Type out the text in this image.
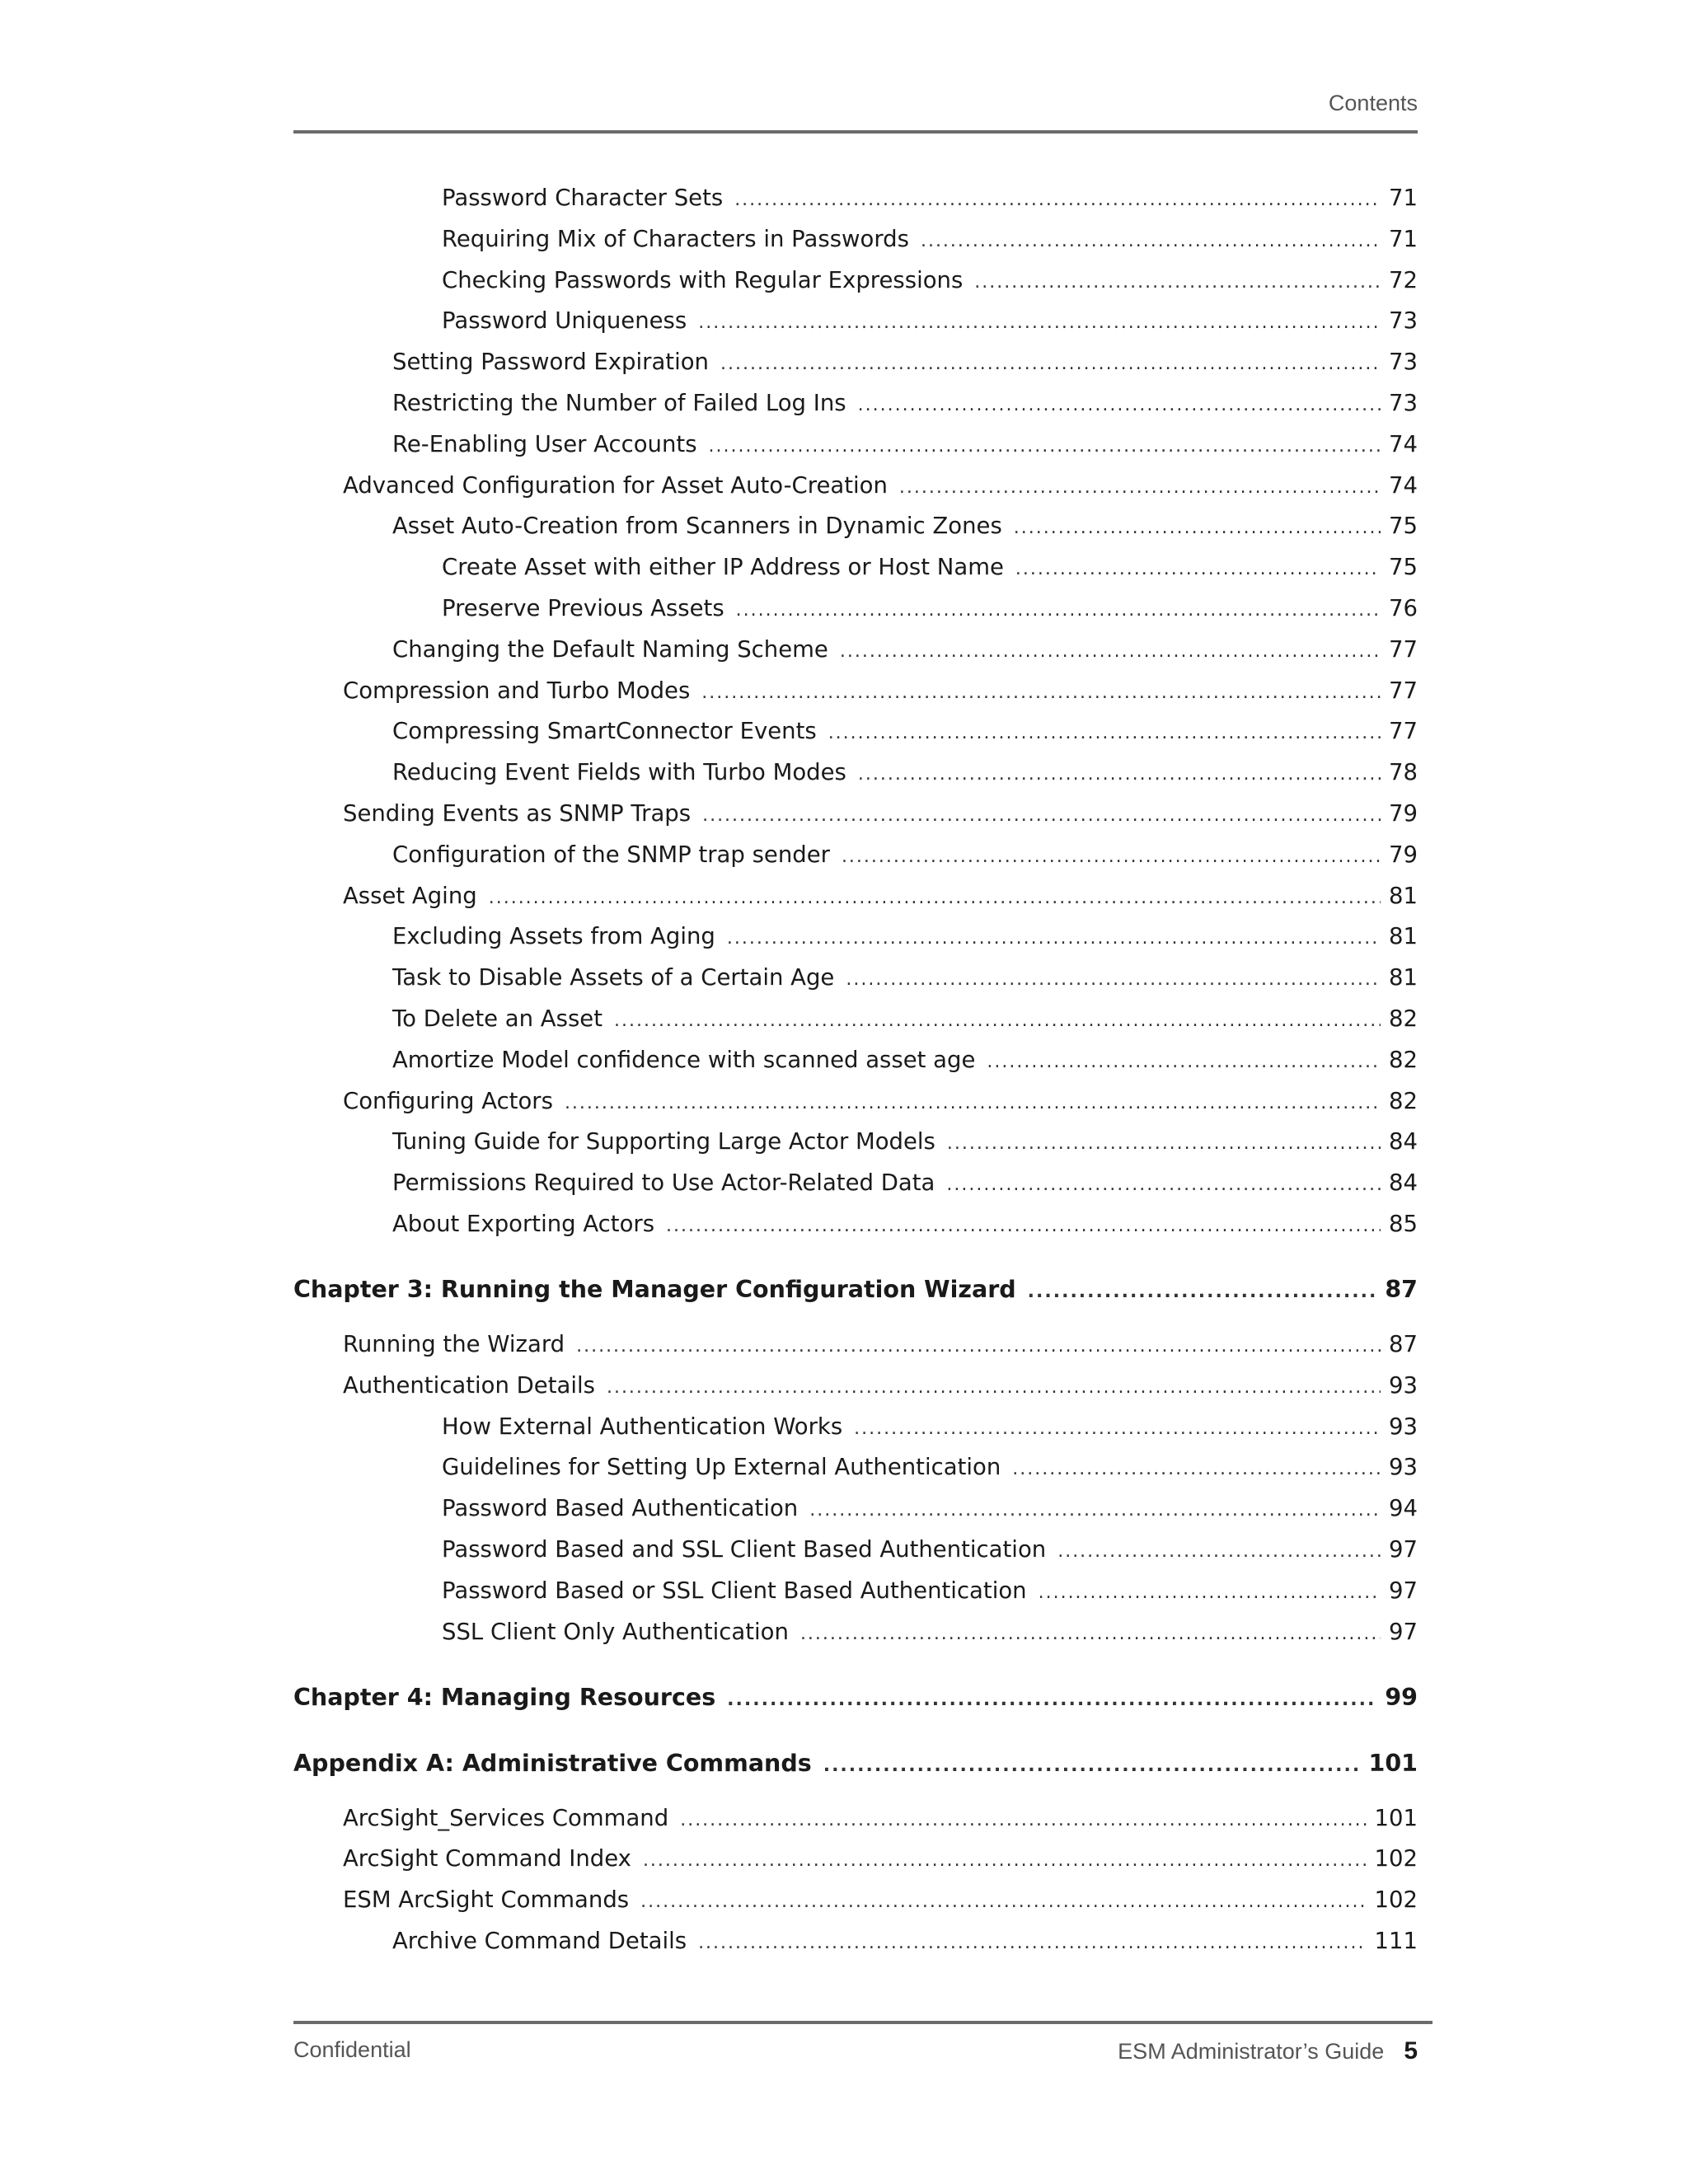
Contents
Password Character Sets .....	71
Requiring Mix of Characters in Passwords .....	71
Checking Passwords with Regular Expressions .....	72
Password Uniqueness .....	73
Setting Password Expiration .....	73
Restricting the Number of Failed Log Ins .....	73
Re-Enabling User Accounts .....	74
Advanced Configuration for Asset Auto-Creation .....	74
Asset Auto-Creation from Scanners in Dynamic Zones .....	75
Create Asset with either IP Address or Host Name .....	75
Preserve Previous Assets .....	76
Changing the Default Naming Scheme .....	77
Compression and Turbo Modes .....	77
Compressing SmartConnector Events .....	77
Reducing Event Fields with Turbo Modes .....	78
Sending Events as SNMP Traps .....	79
Configuration of the SNMP trap sender .....	79
Asset Aging .....	81
Excluding Assets from Aging .....	81
Task to Disable Assets of a Certain Age .....	81
To Delete an Asset .....	82
Amortize Model confidence with scanned asset age .....	82
Configuring Actors .....	82
Tuning Guide for Supporting Large Actor Models .....	84
Permissions Required to Use Actor-Related Data .....	84
About Exporting Actors .....	85
Chapter 3: Running the Manager Configuration Wizard .....	87
Running the Wizard .....	87
Authentication Details .....	93
How External Authentication Works .....	93
Guidelines for Setting Up External Authentication .....	93
Password Based Authentication .....	94
Password Based and SSL Client Based Authentication .....	97
Password Based or SSL Client Based Authentication .....	97
SSL Client Only Authentication .....	97
Chapter 4: Managing Resources .....	99
Appendix A: Administrative Commands .....	101
ArcSight_Services Command .....	101
ArcSight Command Index .....	102
ESM ArcSight Commands .....	102
Archive Command Details .....	111
Confidential	ESM Administrator’s Guide 5
